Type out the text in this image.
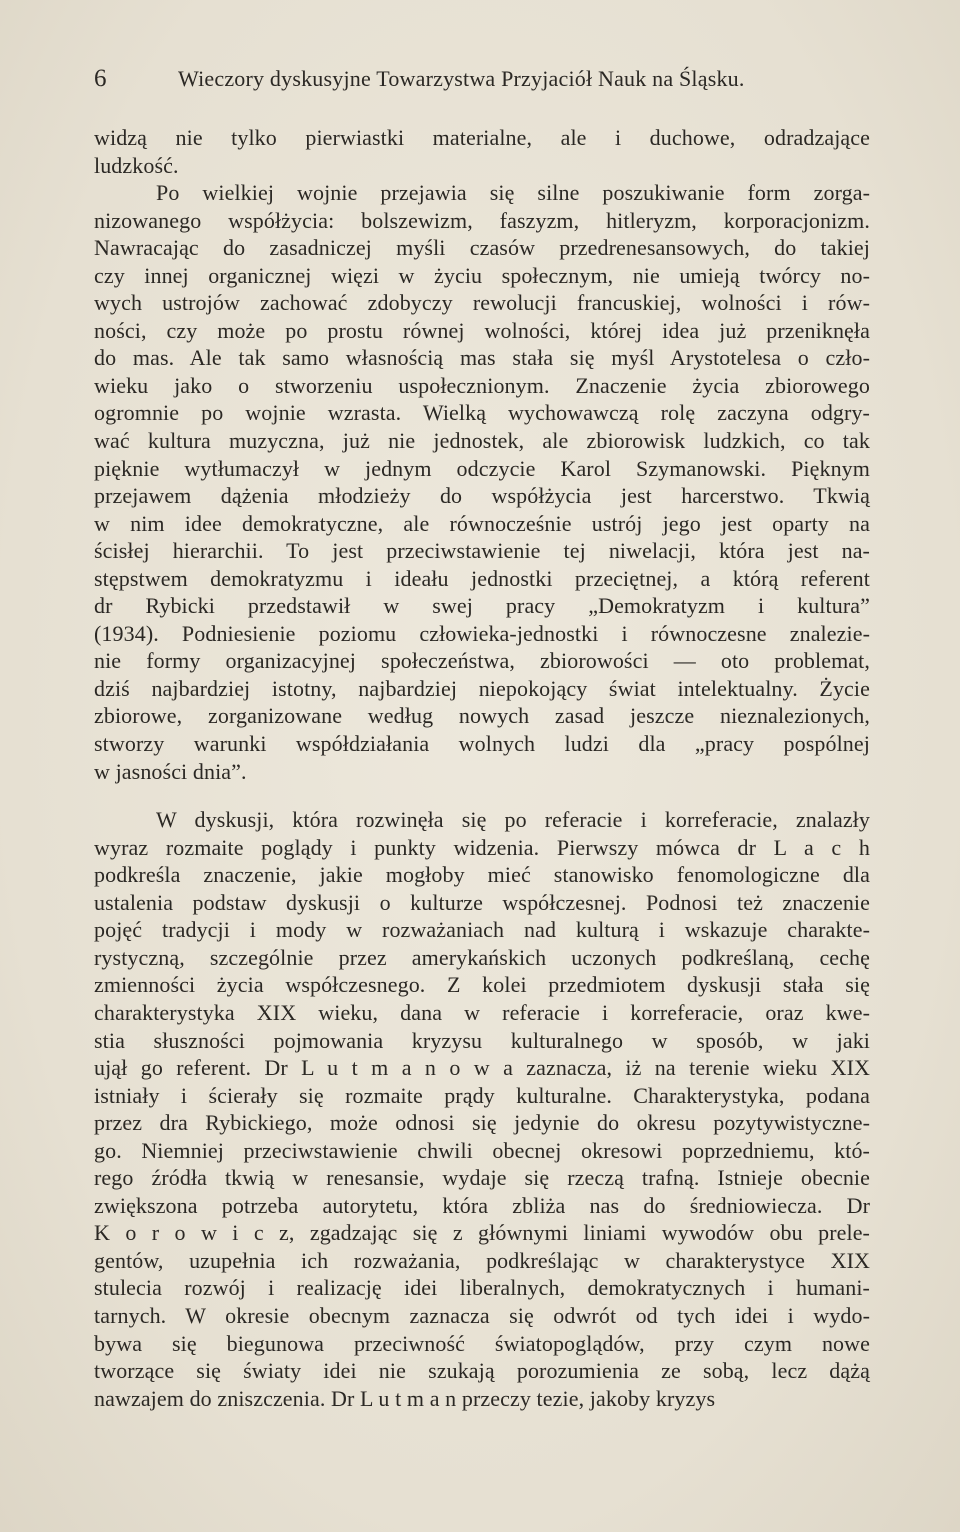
6	Wieczory dyskusyjne Towarzystwa Przyjaciół Nauk na Śląsku.
widzą nie tylko pierwiastki materialne, ale i duchowe, odradzające
ludzkość.
Po wielkiej wojnie przejawia się silne poszukiwanie form zorga-
nizowanego współżycia: bolszewizm, faszyzm, hitleryzm, korporacjonizm.
Nawracając do zasadniczej myśli czasów przedrenesansowych, do takiej
czy innej organicznej więzi w życiu społecznym, nie umieją twórcy no-
wych ustrojów zachować zdobyczy rewolucji francuskiej, wolności i rów-
ności, czy może po prostu równej wolności, której idea już przeniknęła
do mas. Ale tak samo własnością mas stała się myśl Arystotelesa o czło-
wieku jako o stworzeniu uspołecznionym. Znaczenie życia zbiorowego
ogromnie po wojnie wzrasta. Wielką wychowawczą rolę zaczyna odgry-
wać kultura muzyczna, już nie jednostek, ale zbiorowisk ludzkich, co tak
pięknie wytłumaczył w jednym odczycie Karol Szymanowski. Pięknym
przejawem dążenia młodzieży do współżycia jest harcerstwo. Tkwią
w nim idee demokratyczne, ale równocześnie ustrój jego jest oparty na
ścisłej hierarchii. To jest przeciwstawienie tej niwelacji, która jest na-
stępstwem demokratyzmu i ideału jednostki przeciętnej, a którą referent
dr Rybicki przedstawił w swej pracy „Demokratyzm i kultura”
(1934). Podniesienie poziomu człowieka-jednostki i równoczesne znalezie-
nie formy organizacyjnej społeczeństwa, zbiorowości — oto problemat,
dziś najbardziej istotny, najbardziej niepokojący świat intelektualny. Życie
zbiorowe, zorganizowane według nowych zasad jeszcze nieznalezionych,
stworzy warunki współdziałania wolnych ludzi dla „pracy pospólnej
w jasności dnia”.
W dyskusji, która rozwinęła się po referacie i korreferacie, znalazły
wyraz rozmaite poglądy i punkty widzenia. Pierwszy mówca dr L a c h
podkreśla znaczenie, jakie mogłoby mieć stanowisko fenomologiczne dla
ustalenia podstaw dyskusji o kulturze współczesnej. Podnosi też znaczenie
pojęć tradycji i mody w rozważaniach nad kulturą i wskazuje charakte-
rystyczną, szczególnie przez amerykańskich uczonych podkreślaną, cechę
zmienności życia współczesnego. Z kolei przedmiotem dyskusji stała się
charakterystyka XIX wieku, dana w referacie i korreferacie, oraz kwe-
stia słuszności pojmowania kryzysu kulturalnego w sposób, w jaki
ujął go referent. Dr L u t m a n o w a zaznacza, iż na terenie wieku XIX
istniały i ścierały się rozmaite prądy kulturalne. Charakterystyka, podana
przez dra Rybickiego, może odnosi się jedynie do okresu pozytywistyczne-
go. Niemniej przeciwstawienie chwili obecnej okresowi poprzedniemu, któ-
rego źródła tkwią w renesansie, wydaje się rzeczą trafną. Istnieje obecnie
zwiększona potrzeba autorytetu, która zbliża nas do średniowiecza. Dr
K o r o w i c z, zgadzając się z głównymi liniami wywodów obu prele-
gentów, uzupełnia ich rozważania, podkreślając w charakterystyce XIX
stulecia rozwój i realizację idei liberalnych, demokratycznych i humani-
tarnych. W okresie obecnym zaznacza się odwrót od tych idei i wydo-
bywa się biegunowa przeciwność światopoglądów, przy czym nowe
tworzące się światy idei nie szukają porozumienia ze sobą, lecz dążą
nawzajem do zniszczenia. Dr L u t m a n przeczy tezie, jakoby kryzys
